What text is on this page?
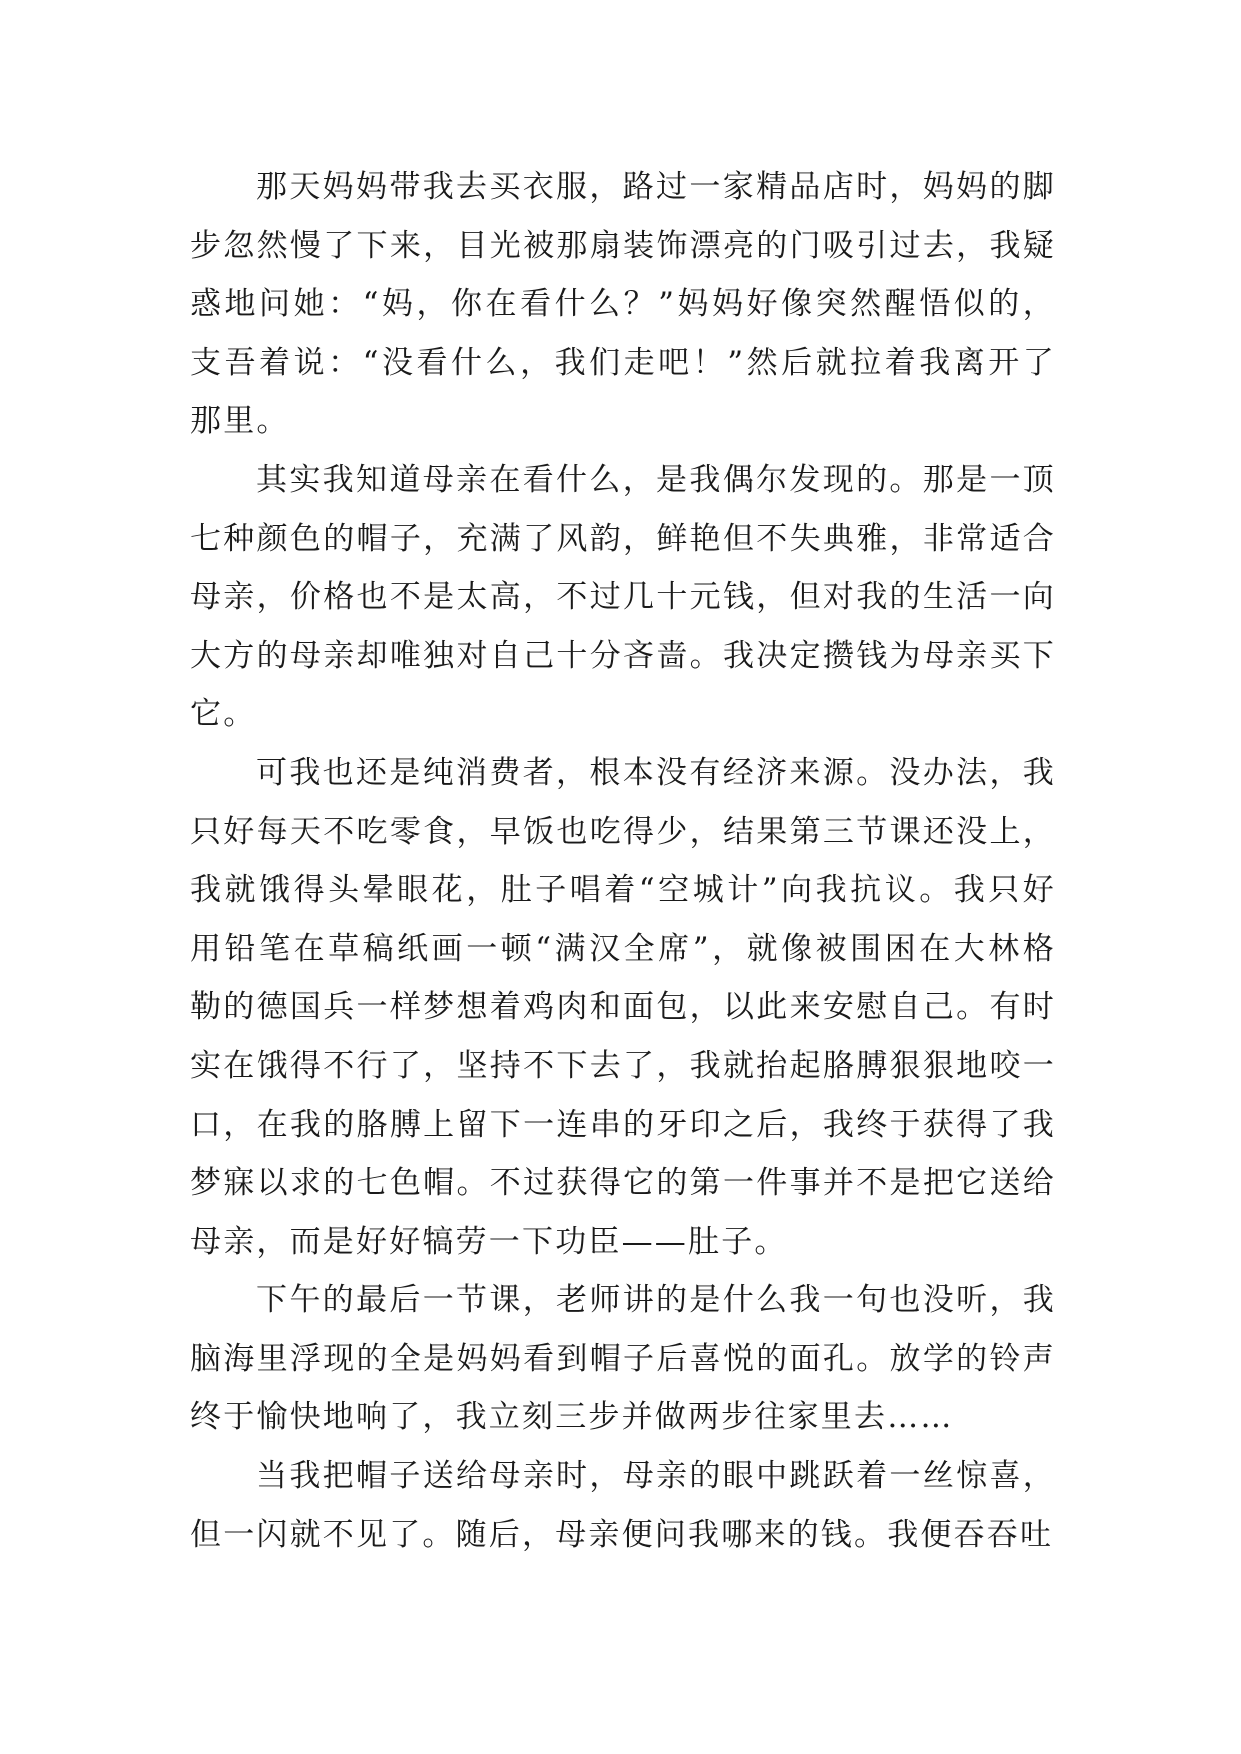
那天妈妈带我去买衣服，路过一家精品店时，妈妈的脚步忽然慢了下来，目光被那扇装饰漂亮的门吸引过去，我疑惑地问她：“妈，你在看什么？”妈妈好像突然醒悟似的，支吾着说：“没看什么，我们走吧！”然后就拉着我离开了那里。

其实我知道母亲在看什么，是我偶尔发现的。那是一顶七种颜色的帽子，充满了风韵，鲜艳但不失典雅，非常适合母亲，价格也不是太高，不过几十元钱，但对我的生活一向大方的母亲却唯独对自己十分吝啬。我决定攒钱为母亲买下它。

可我也还是纯消费者，根本没有经济来源。没办法，我只好每天不吃零食，早饭也吃得少，结果第三节课还没上，我就饿得头晕眼花，肚子唱着“空城计”向我抗议。我只好用铅笔在草稿纸画一顿“满汉全席”，就像被围困在大林格勒的德国兵一样梦想着鸡肉和面包，以此来安慰自己。有时实在饿得不行了，坚持不下去了，我就抬起胳膊狠狠地咬一口，在我的胳膊上留下一连串的牙印之后，我终于获得了我梦寐以求的七色帽。不过获得它的第一件事并不是把它送给母亲，而是好好犒劳一下功臣——肚子。

下午的最后一节课，老师讲的是什么我一句也没听，我脑海里浮现的全是妈妈看到帽子后喜悦的面孔。放学的铃声终于愉快地响了，我立刻三步并做两步往家里去……

当我把帽子送给母亲时，母亲的眼中跳跃着一丝惊喜，但一闪就不见了。随后，母亲便问我哪来的钱。我便吞吞吐
